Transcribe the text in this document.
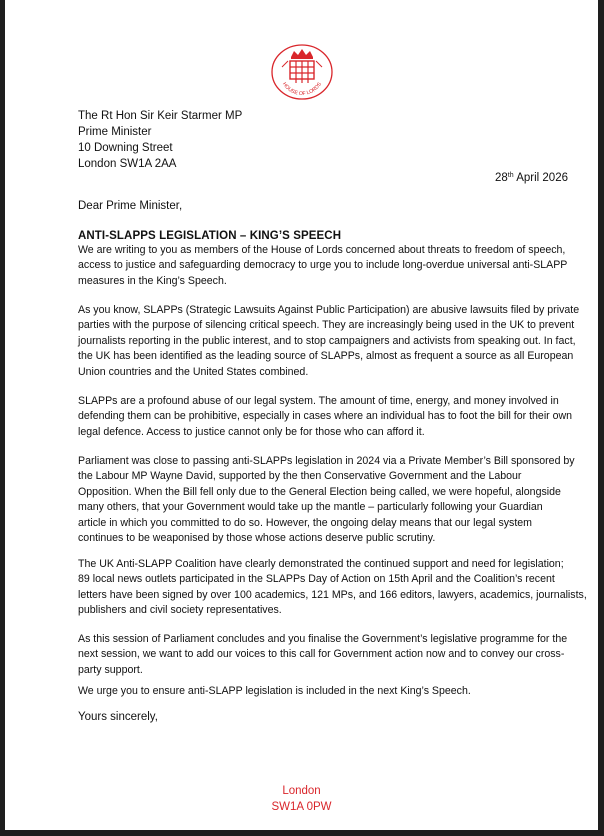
HOUSE OF LORDS
The Rt Hon Sir Keir Starmer MP
Prime Minister
10 Downing Street
London SW1A 2AA
28th April 2026
Dear Prime Minister,
ANTI-SLAPPS LEGISLATION – KING’S SPEECH
We are writing to you as members of the House of Lords concerned about threats to freedom of speech,
access to justice and safeguarding democracy to urge you to include long-overdue universal anti-SLAPP
measures in the King’s Speech.
As you know, SLAPPs (Strategic Lawsuits Against Public Participation) are abusive lawsuits filed by private
parties with the purpose of silencing critical speech. They are increasingly being used in the UK to prevent
journalists reporting in the public interest, and to stop campaigners and activists from speaking out. In fact,
the UK has been identified as the leading source of SLAPPs, almost as frequent a source as all European
Union countries and the United States combined.
SLAPPs are a profound abuse of our legal system. The amount of time, energy, and money involved in
defending them can be prohibitive, especially in cases where an individual has to foot the bill for their own
legal defence. Access to justice cannot only be for those who can afford it.
Parliament was close to passing anti-SLAPPs legislation in 2024 via a Private Member’s Bill sponsored by
the Labour MP Wayne David, supported by the then Conservative Government and the Labour
Opposition. When the Bill fell only due to the General Election being called, we were hopeful, alongside
many others, that your Government would take up the mantle – particularly following your Guardian
article in which you committed to do so. However, the ongoing delay means that our legal system
continues to be weaponised by those whose actions deserve public scrutiny.
The UK Anti-SLAPP Coalition have clearly demonstrated the continued support and need for legislation;
89 local news outlets participated in the SLAPPs Day of Action on 15th April and the Coalition’s recent
letters have been signed by over 100 academics, 121 MPs, and 166 editors, lawyers, academics, journalists,
publishers and civil society representatives.
As this session of Parliament concludes and you finalise the Government’s legislative programme for the
next session, we want to add our voices to this call for Government action now and to convey our cross-
party support.
We urge you to ensure anti-SLAPP legislation is included in the next King’s Speech.
Yours sincerely,
London
SW1A 0PW
